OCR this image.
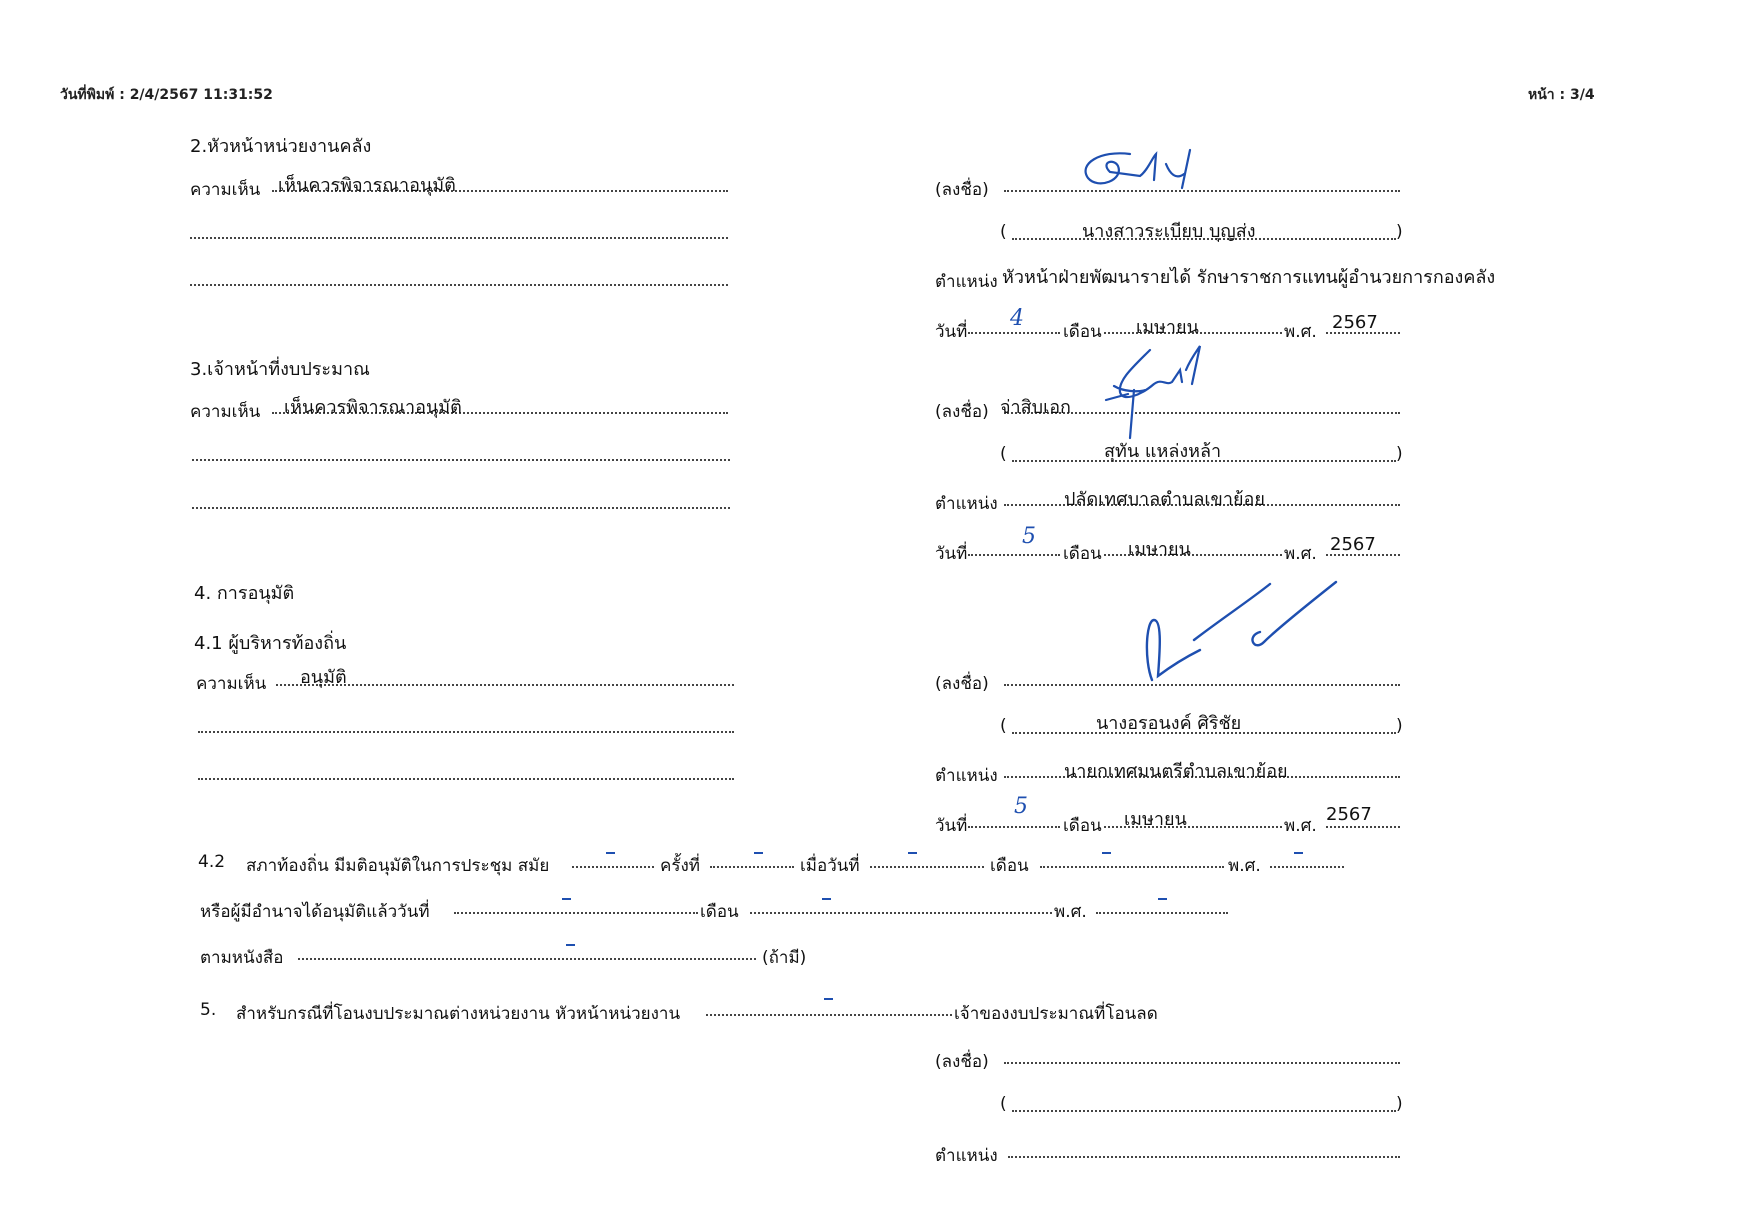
วันที่พิมพ์ : 2/4/2567 11:31:52	หน้า : 3/4
2.หัวหน้าหน่วยงานคลัง
ความเห็น เห็นควรพิจารณาอนุมัติ	(ลงชื่อ)
(	นางสาวระเบียบ บุญส่ง	)
ตำแหน่ง หัวหน้าฝ่ายพัฒนารายได้ รักษาราชการแทนผู้อำนวยการกองคลัง
วันที่
4
เดือน เมษายน	พ.ศ. 2567
3.เจ้าหน้าที่งบประมาณ
ความเห็น เห็นควรพิจารณาอนุมัติ	(ลงชื่อ) จ่าสิบเอก
(	สุทัน แหล่งหล้า	)
ตำแหน่ง	ปลัดเทศบาลตำบลเขาย้อย
วันที่
5
เดือน เมษายน	พ.ศ. 2567
4. การอนุมัติ
4.1 ผู้บริหารท้องถิ่น
ความเห็น อนุมัติ	(ลงชื่อ)
(	นางอรอนงค์ ศิริชัย	)
ตำแหน่ง	นายกเทศมนตรีตำบลเขาย้อย
วันที่
5
เดือน เมษายน	พ.ศ.
2567
4.2 สภาท้องถิ่น มีมติอนุมัติในการประชุม สมัย	ครั้งที่	เมื่อวันที่	เดือน	พ.ศ.
หรือผู้มีอำนาจได้อนุมัติแล้ววันที่	เดือน	พ.ศ.
ตามหนังสือ	(ถ้ามี)
5. สำหรับกรณีที่โอนงบประมาณต่างหน่วยงาน หัวหน้าหน่วยงาน	เจ้าของงบประมาณที่โอนลด
(ลงชื่อ)
(	)
ตำแหน่ง
